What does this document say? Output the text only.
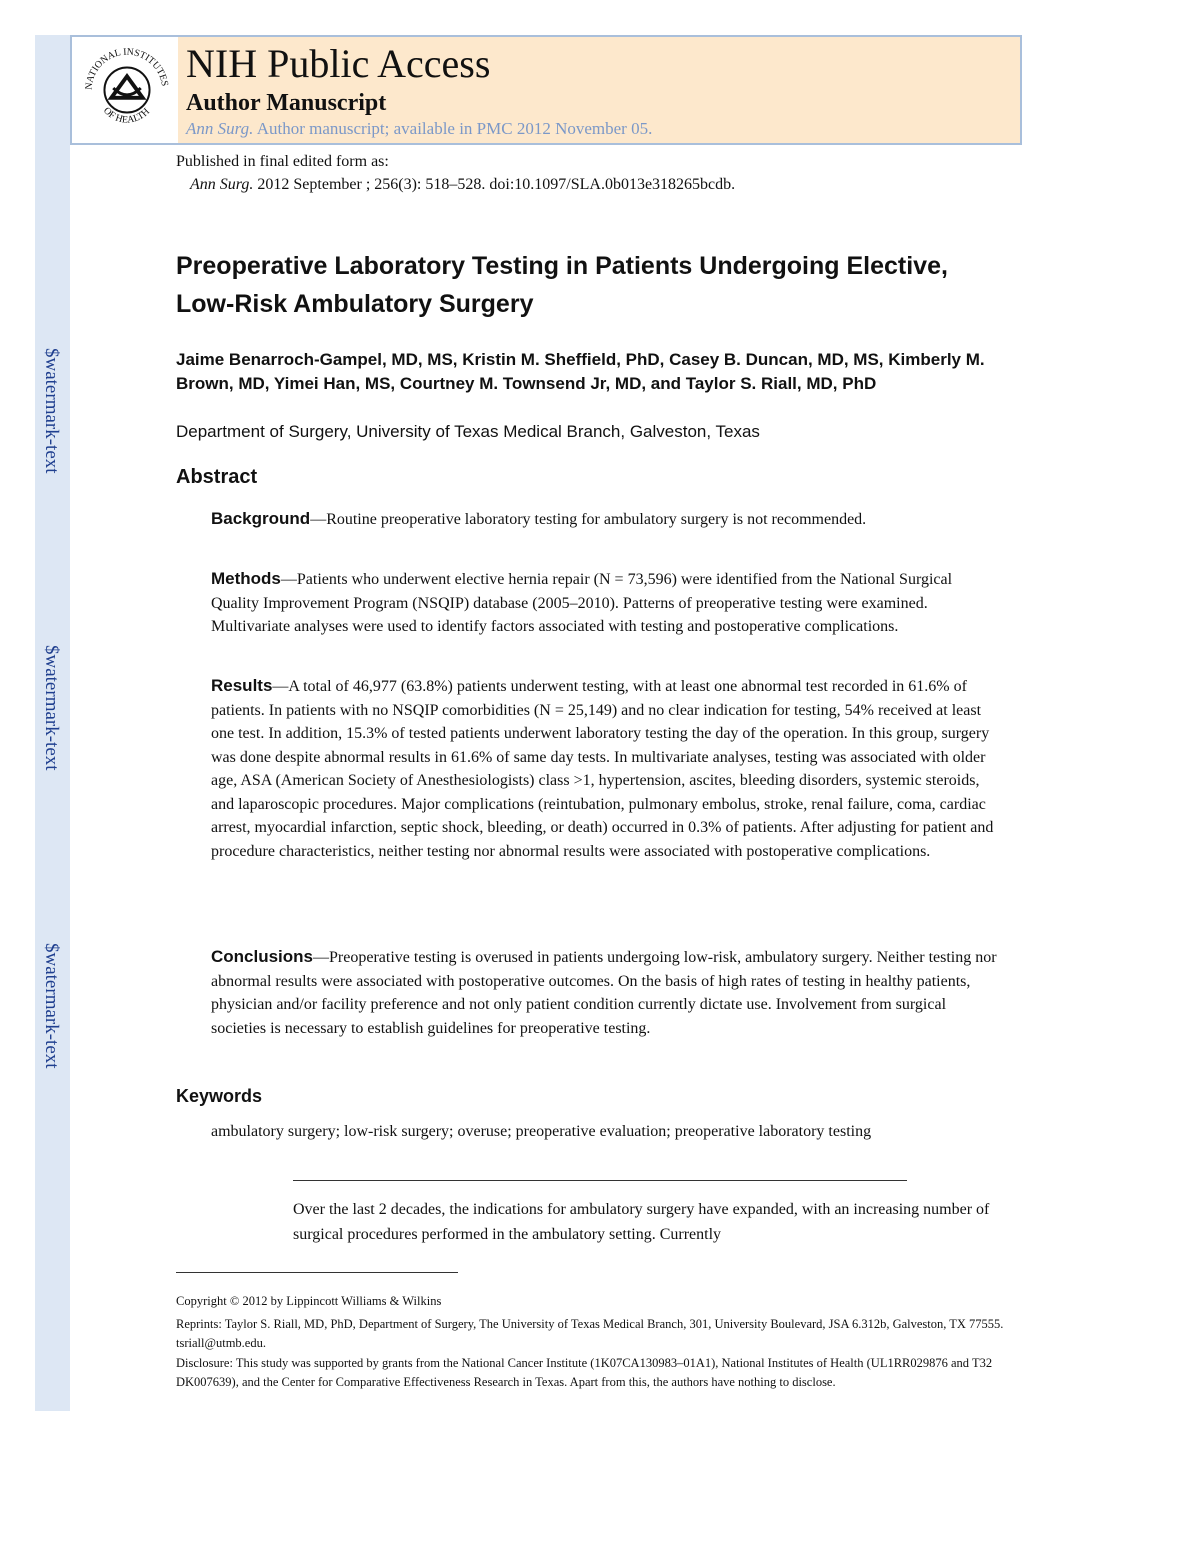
$watermark-text
$watermark-text
$watermark-text
NATIONAL INSTITUTES
OF HEALTH
NIH Public Access
Author Manuscript
Ann Surg. Author manuscript; available in PMC 2012 November 05.
Published in final edited form as:
Ann Surg. 2012 September ; 256(3): 518–528. doi:10.1097/SLA.0b013e318265bcdb.
Preoperative Laboratory Testing in Patients Undergoing Elective, Low-Risk Ambulatory Surgery
Jaime Benarroch-Gampel, MD, MS, Kristin M. Sheffield, PhD, Casey B. Duncan, MD, MS, Kimberly M. Brown, MD, Yimei Han, MS, Courtney M. Townsend Jr, MD, and Taylor S. Riall, MD, PhD
Department of Surgery, University of Texas Medical Branch, Galveston, Texas
Abstract
Background—Routine preoperative laboratory testing for ambulatory surgery is not recommended.
Methods—Patients who underwent elective hernia repair (N = 73,596) were identified from the National Surgical Quality Improvement Program (NSQIP) database (2005–2010). Patterns of preoperative testing were examined. Multivariate analyses were used to identify factors associated with testing and postoperative complications.
Results—A total of 46,977 (63.8%) patients underwent testing, with at least one abnormal test recorded in 61.6% of patients. In patients with no NSQIP comorbidities (N = 25,149) and no clear indication for testing, 54% received at least one test. In addition, 15.3% of tested patients underwent laboratory testing the day of the operation. In this group, surgery was done despite abnormal results in 61.6% of same day tests. In multivariate analyses, testing was associated with older age, ASA (American Society of Anesthesiologists) class >1, hypertension, ascites, bleeding disorders, systemic steroids, and laparoscopic procedures. Major complications (reintubation, pulmonary embolus, stroke, renal failure, coma, cardiac arrest, myocardial infarction, septic shock, bleeding, or death) occurred in 0.3% of patients. After adjusting for patient and procedure characteristics, neither testing nor abnormal results were associated with postoperative complications.
Conclusions—Preoperative testing is overused in patients undergoing low-risk, ambulatory surgery. Neither testing nor abnormal results were associated with postoperative outcomes. On the basis of high rates of testing in healthy patients, physician and/or facility preference and not only patient condition currently dictate use. Involvement from surgical societies is necessary to establish guidelines for preoperative testing.
Keywords
ambulatory surgery; low-risk surgery; overuse; preoperative evaluation; preoperative laboratory testing
Over the last 2 decades, the indications for ambulatory surgery have expanded, with an increasing number of surgical procedures performed in the ambulatory setting. Currently
Copyright © 2012 by Lippincott Williams & Wilkins
Reprints: Taylor S. Riall, MD, PhD, Department of Surgery, The University of Texas Medical Branch, 301, University Boulevard, JSA 6.312b, Galveston, TX 77555. tsriall@utmb.edu.
Disclosure: This study was supported by grants from the National Cancer Institute (1K07CA130983–01A1), National Institutes of Health (UL1RR029876 and T32 DK007639), and the Center for Comparative Effectiveness Research in Texas. Apart from this, the authors have nothing to disclose.
